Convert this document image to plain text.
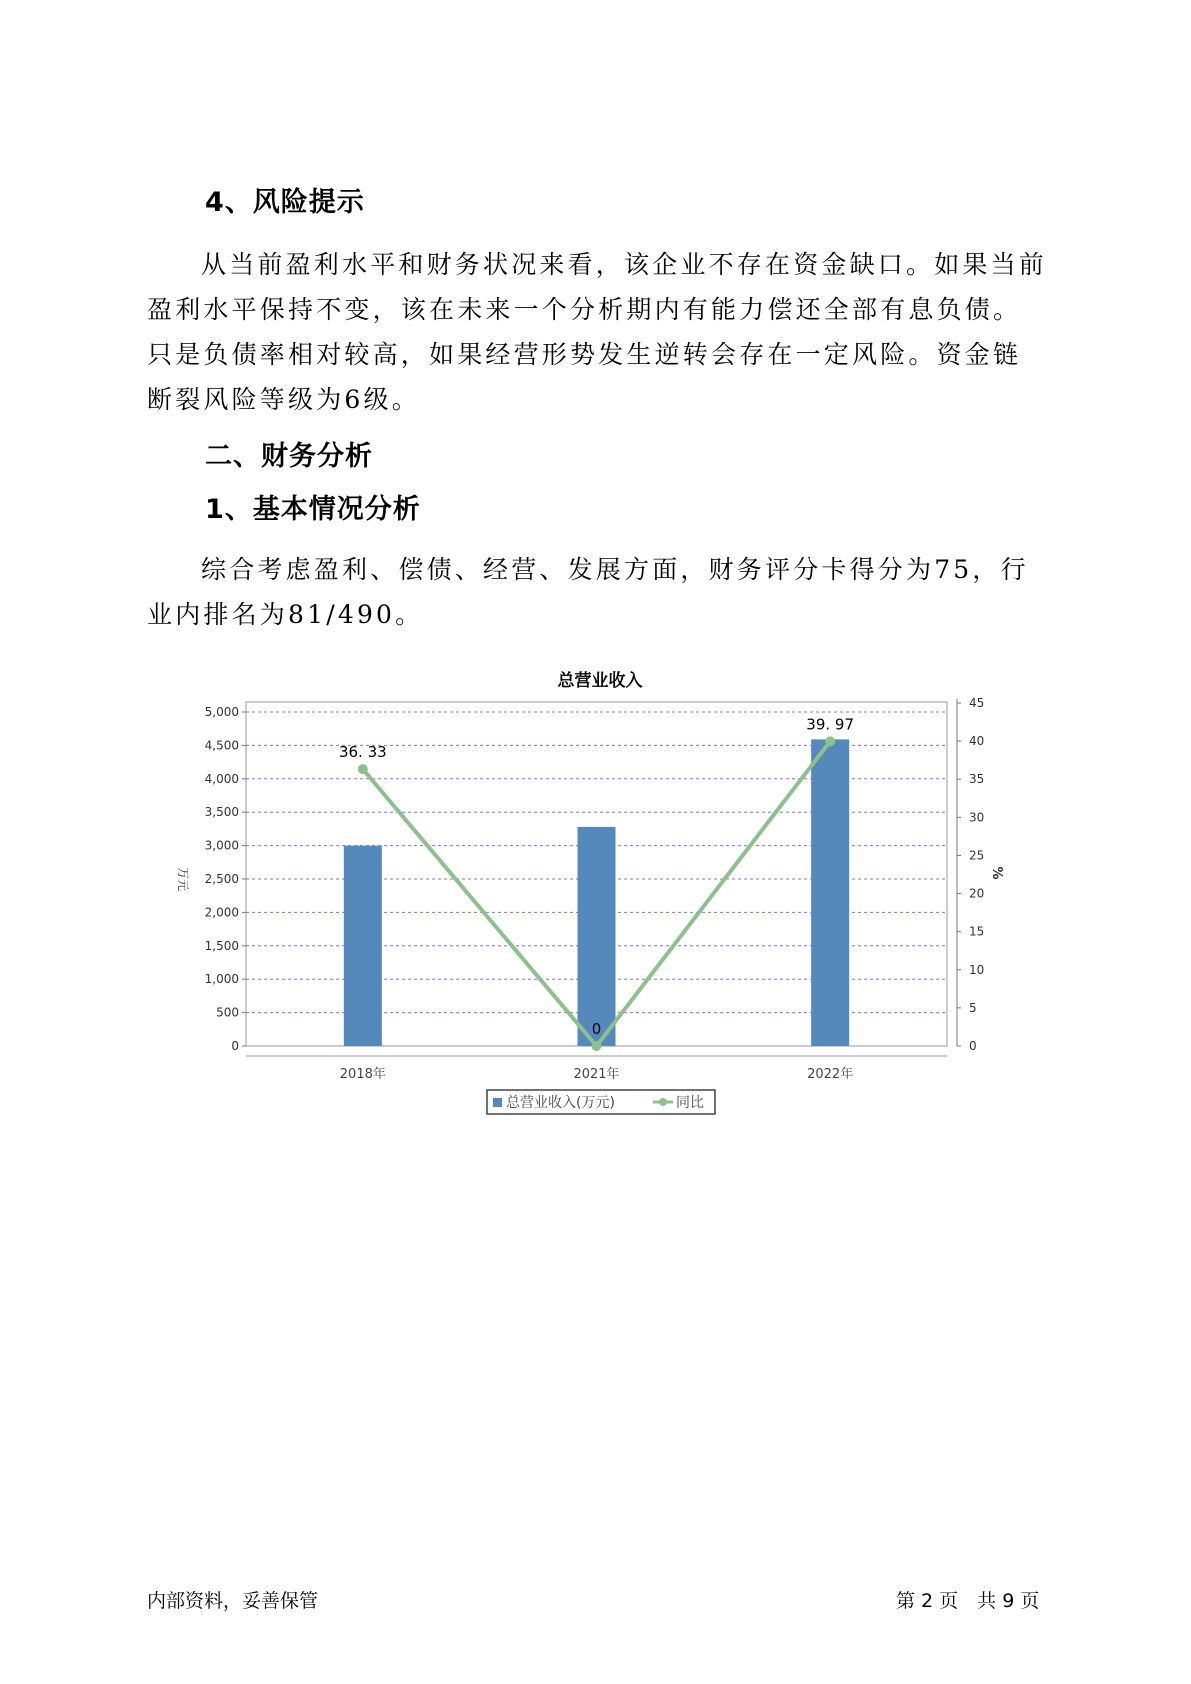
4、风险提示

从当前盈利水平和财务状况来看，该企业不存在资金缺口。如果当前盈利水平保持不变，该在未来一个分析期内有能力偿还全部有息负债。只是负债率相对较高，如果经营形势发生逆转会存在一定风险。资金链断裂风险等级为6级。

二、财务分析
1、基本情况分析

综合考虑盈利、偿债、经营、发展方面，财务评分卡得分为75，行业内排名为81/490。

总营业收入
0
500
1,000
1,500
2,000
2,500
3,000
3,500
4,000
4,500
5,000
0
5
10
15
20
25
30
35
40
45
万元	%
2018年	2021年	2022年
36. 33
0
39. 97
总营业收入(万元)	同比
内部资料，妥善保管	第 2 页　共 9 页
